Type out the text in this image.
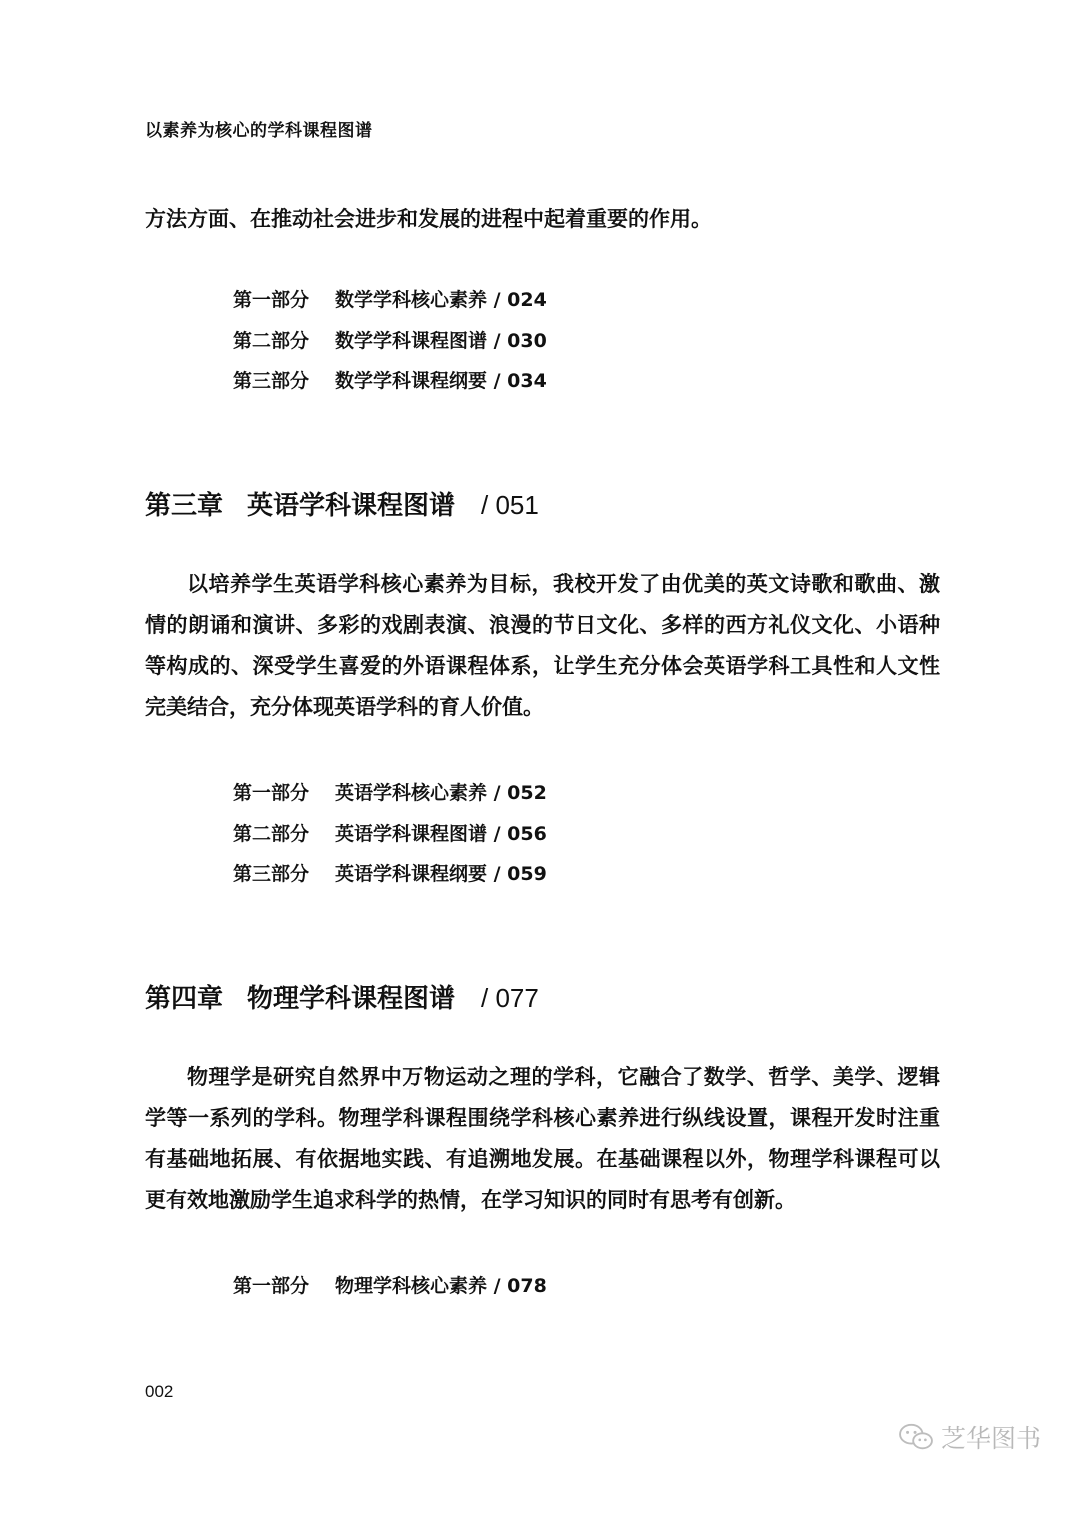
以素养为核心的学科课程图谱
方法方面、在推动社会进步和发展的进程中起着重要的作用。
第一部分 数学学科核心素养 / 024
第二部分 数学学科课程图谱 / 030
第三部分 数学学科课程纲要 / 034
第三章 英语学科课程图谱 / 051
以培养学生英语学科核心素养为目标，我校开发了由优美的英文诗歌和歌曲、激情的朗诵和演讲、多彩的戏剧表演、浪漫的节日文化、多样的西方礼仪文化、小语种等构成的、深受学生喜爱的外语课程体系，让学生充分体会英语学科工具性和人文性完美结合，充分体现英语学科的育人价值。
第一部分 英语学科核心素养 / 052
第二部分 英语学科课程图谱 / 056
第三部分 英语学科课程纲要 / 059
第四章 物理学科课程图谱 / 077
物理学是研究自然界中万物运动之理的学科，它融合了数学、哲学、美学、逻辑学等一系列的学科。物理学科课程围绕学科核心素养进行纵线设置，课程开发时注重有基础地拓展、有依据地实践、有追溯地发展。在基础课程以外，物理学科课程可以更有效地激励学生追求科学的热情，在学习知识的同时有思考有创新。
第一部分 物理学科核心素养 / 078
002
芝华图书
